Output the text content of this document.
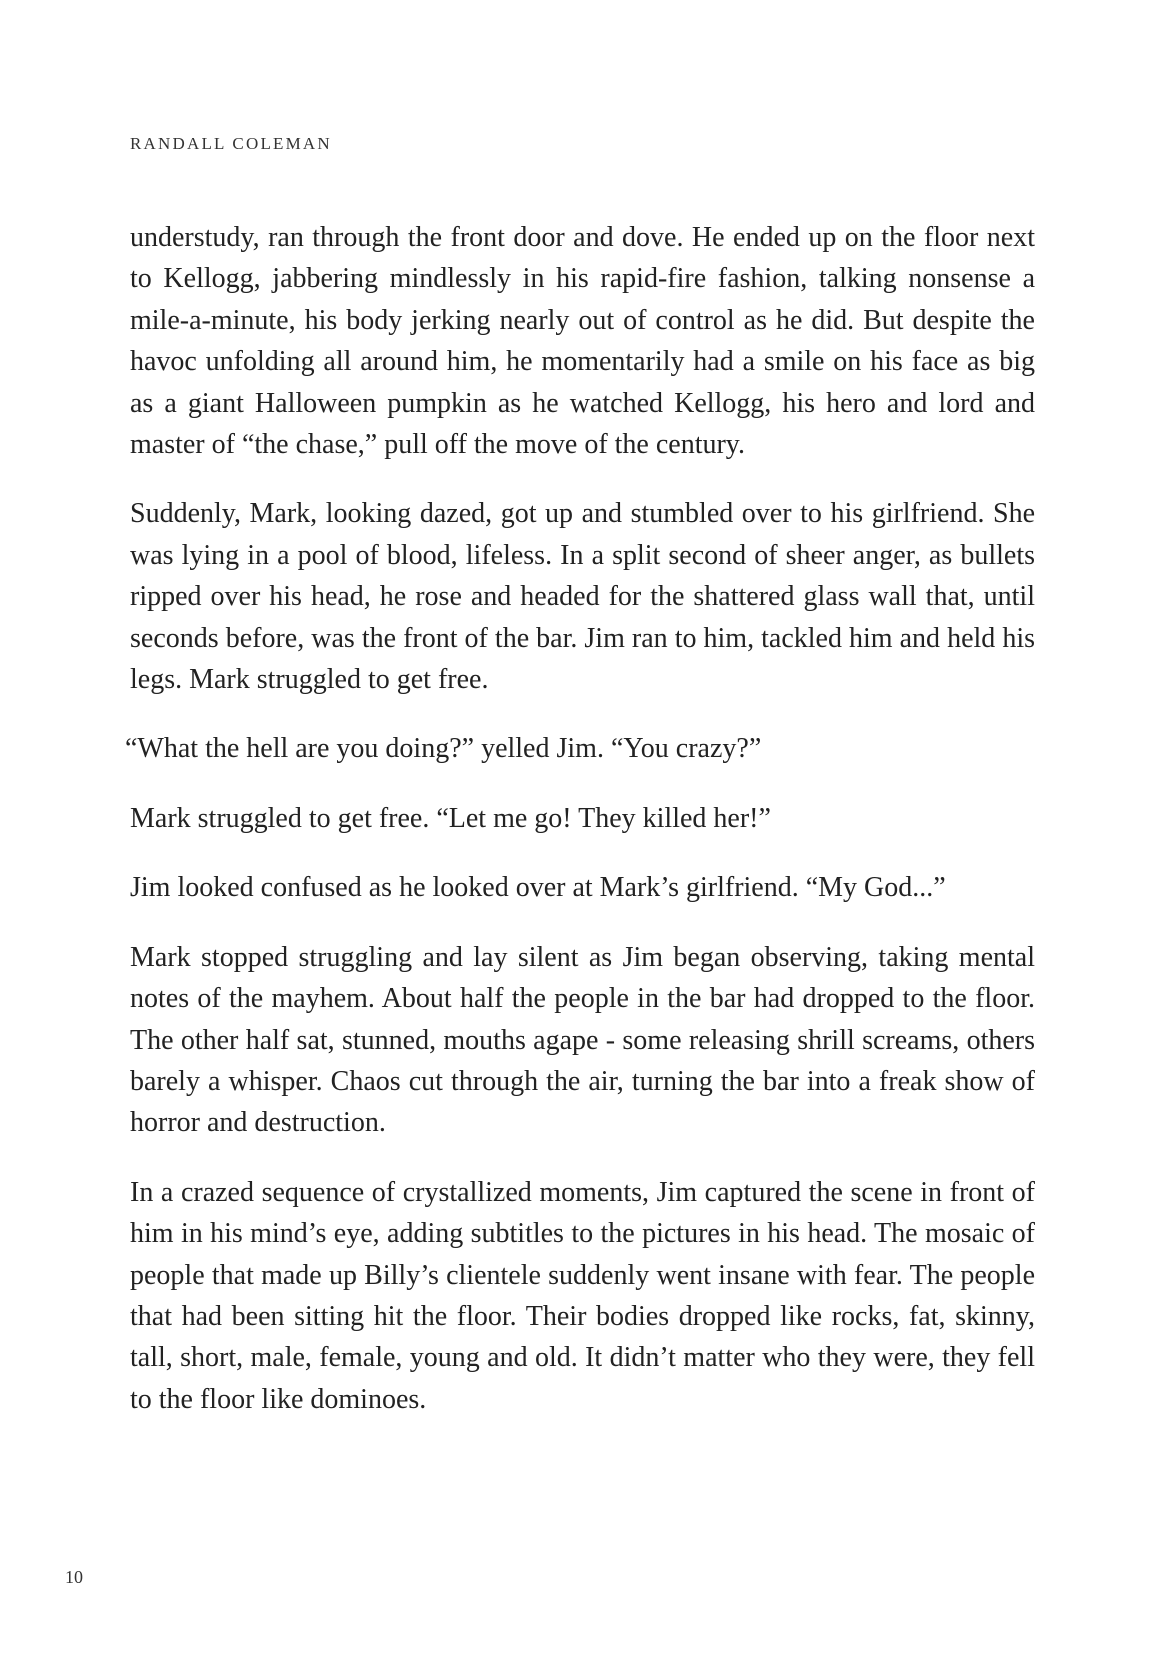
RANDALL COLEMAN

understudy, ran through the front door and dove. He ended up on the floor next to Kellogg, jabbering mindlessly in his rapid-fire fashion, talking nonsense a mile-a-minute, his body jerking nearly out of control as he did. But despite the havoc unfolding all around him, he momentarily had a smile on his face as big as a giant Halloween pumpkin as he watched Kellogg, his hero and lord and master of “the chase,” pull off the move of the century.

Suddenly, Mark, looking dazed, got up and stumbled over to his girlfriend. She was lying in a pool of blood, lifeless. In a split second of sheer anger, as bullets ripped over his head, he rose and headed for the shattered glass wall that, until seconds before, was the front of the bar. Jim ran to him, tackled him and held his legs. Mark struggled to get free.

“What the hell are you doing?” yelled Jim. “You crazy?”

Mark struggled to get free. “Let me go! They killed her!”

Jim looked confused as he looked over at Mark’s girlfriend. “My God...”

Mark stopped struggling and lay silent as Jim began observing, taking mental notes of the mayhem. About half the people in the bar had dropped to the floor. The other half sat, stunned, mouths agape - some releasing shrill screams, others barely a whisper. Chaos cut through the air, turning the bar into a freak show of horror and destruction.

In a crazed sequence of crystallized moments, Jim captured the scene in front of him in his mind’s eye, adding subtitles to the pictures in his head. The mosaic of people that made up Billy’s clientele suddenly went insane with fear. The people that had been sitting hit the floor. Their bodies dropped like rocks, fat, skinny, tall, short, male, female, young and old. It didn’t matter who they were, they fell to the floor like dominoes.

10
